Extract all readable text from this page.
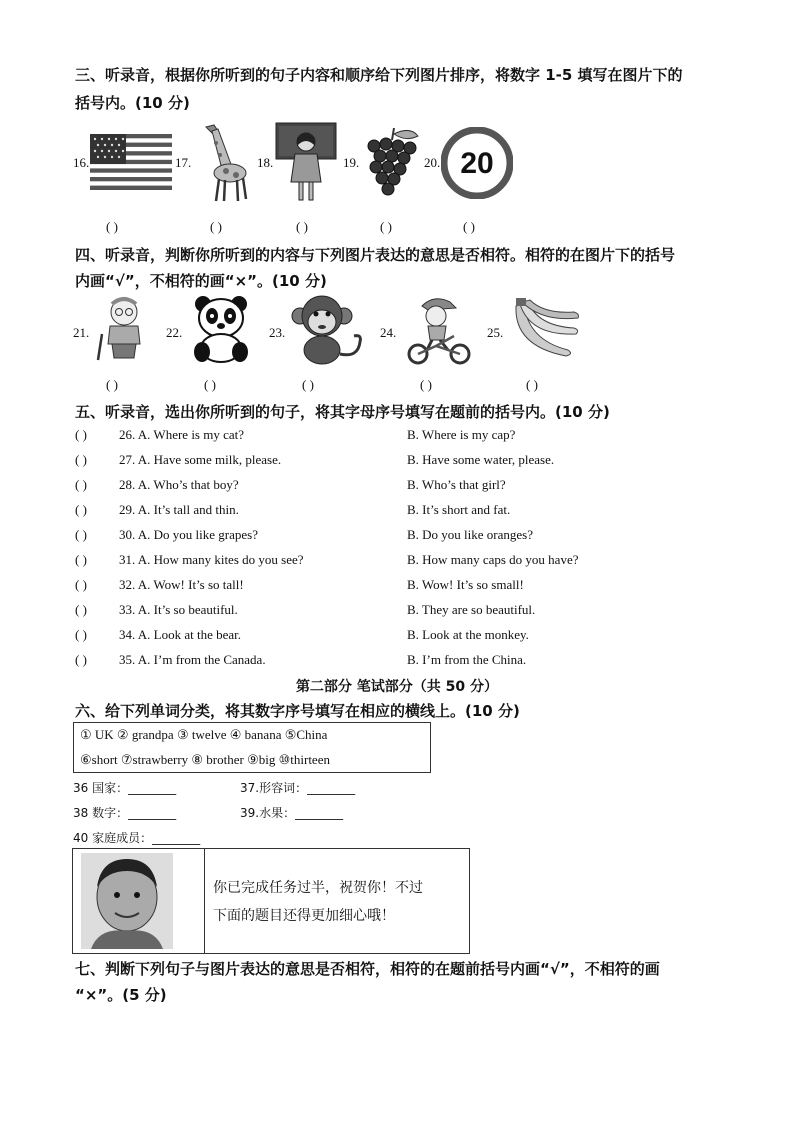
三、听录音，根据你所听到的句子内容和顺序给下列图片排序，将数字 1-5 填写在图片下的
括号内。(10 分)
16.	17.	18.	19.	20. 20
( )	( )	( )	( )	( )
四、听录音，判断你所听到的内容与下列图片表达的意思是否相符。相符的在图片下的括号
内画“√”，不相符的画“×”。(10 分)
21.	22.	23.	24.	25.
( )	( )	( )	( )	( )
五、听录音，选出你所听到的句子，将其字母序号填写在题前的括号内。(10 分)
( ) 26. A. Where is my cat?	B. Where is my cap?
( ) 27. A. Have some milk, please.	B. Have some water, please.
( ) 28. A. Who’s that boy?	B. Who’s that girl?
( ) 29. A. It’s tall and thin.	B. It’s short and fat.
( ) 30. A. Do you like grapes?	B. Do you like oranges?
( ) 31. A. How many kites do you see?	B. How many caps do you have?
( ) 32. A. Wow! It’s so tall!	B. Wow! It’s so small!
( ) 33. A. It’s so beautiful.	B. They are so beautiful.
( ) 34. A. Look at the bear.	B. Look at the monkey.
( ) 35. A. I’m from the Canada.	B. I’m from the China.
第二部分 笔试部分（共 50 分）
六、给下列单词分类，将其数字序号填写在相应的横线上。(10 分)
① UK ② grandpa ③ twelve ④ banana ⑤China
⑥short ⑦strawberry ⑧ brother ⑨big ⑩thirteen
36 国家：________	37.形容词：________
38 数字：________	39.水果：________
40 家庭成员：________
你已完成任务过半，祝贺你！不过
下面的题目还得更加细心哦！
七、判断下列句子与图片表达的意思是否相符，相符的在题前括号内画“√”，不相符的画
“×”。(5 分)
